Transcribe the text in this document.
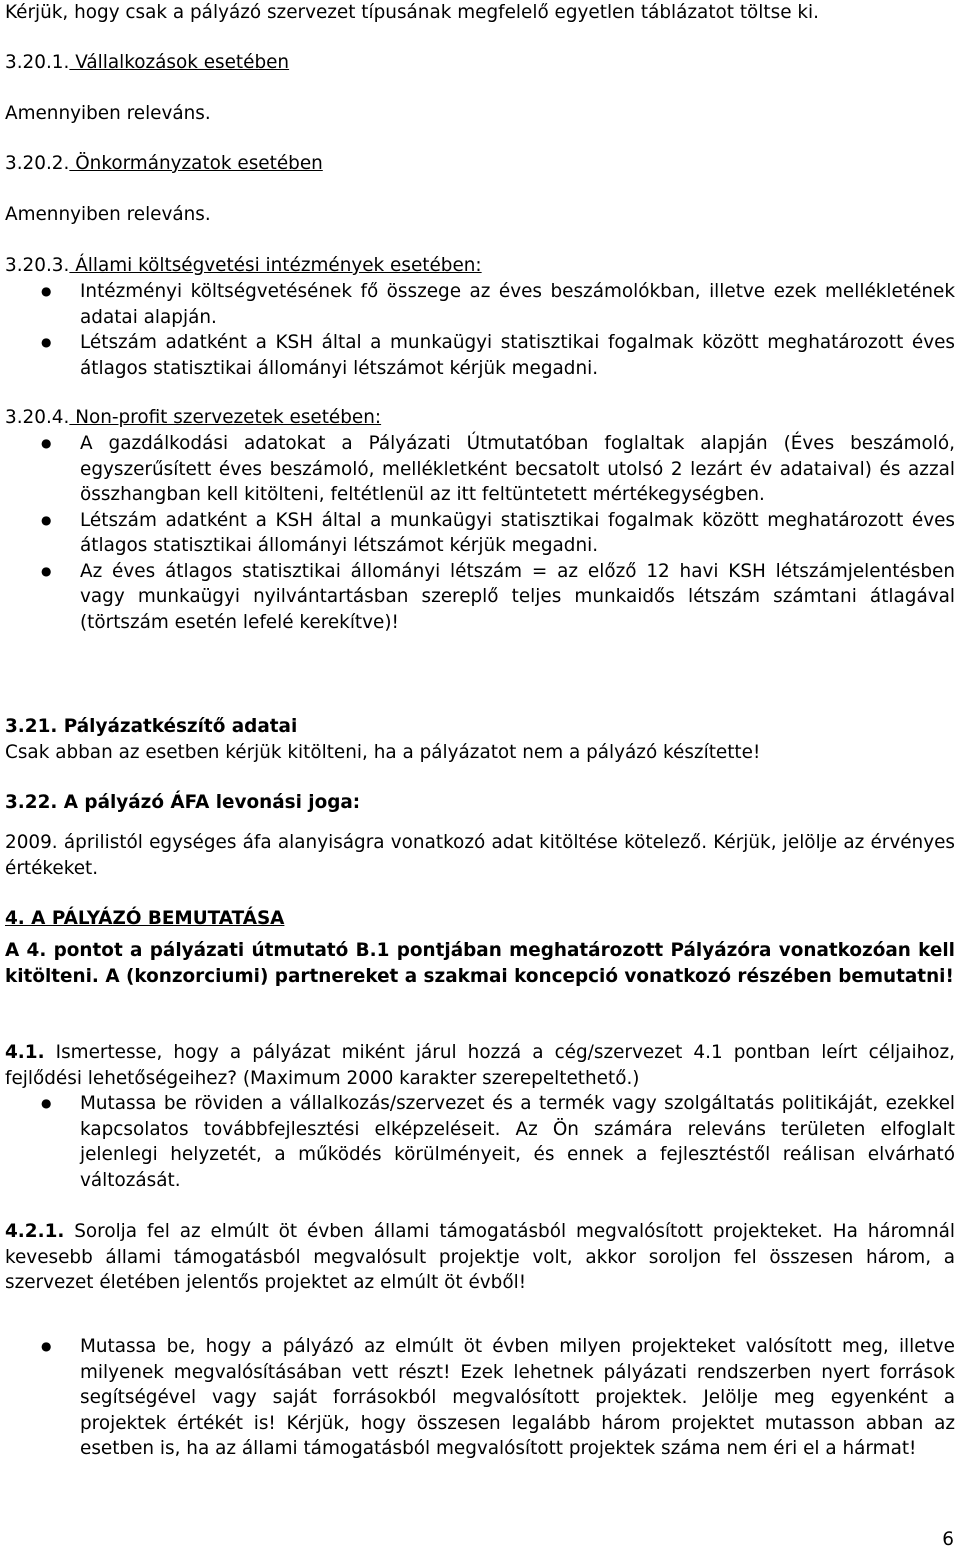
Kérjük, hogy csak a pályázó szervezet típusának megfelelő egyetlen táblázatot töltse ki.

3.20.1. Vállalkozások esetében

Amennyiben releváns.

3.20.2. Önkormányzatok esetében

Amennyiben releváns.

3.20.3. Állami költségvetési intézmények esetében:

● Intézményi költségvetésének fő összege az éves beszámolókban, illetve ezek mellékletének adatai alapján.
● Létszám adatként a KSH által a munkaügyi statisztikai fogalmak között meghatározott éves átlagos statisztikai állományi létszámot kérjük megadni.

3.20.4. Non-profit szervezetek esetében:

● A gazdálkodási adatokat a Pályázati Útmutatóban foglaltak alapján (Éves beszámoló, egyszerűsített éves beszámoló, mellékletként becsatolt utolsó 2 lezárt év adataival) és azzal összhangban kell kitölteni, feltétlenül az itt feltüntetett mértékegységben.
● Létszám adatként a KSH által a munkaügyi statisztikai fogalmak között meghatározott éves átlagos statisztikai állományi létszámot kérjük megadni.
● Az éves átlagos statisztikai állományi létszám = az előző 12 havi KSH létszámjelentésben vagy munkaügyi nyilvántartásban szereplő teljes munkaidős létszám számtani átlagával (törtszám esetén lefelé kerekítve)!

3.21. Pályázatkészítő adatai

Csak abban az esetben kérjük kitölteni, ha a pályázatot nem a pályázó készítette!

3.22. A pályázó ÁFA levonási joga:

2009. áprilistól egységes áfa alanyiságra vonatkozó adat kitöltése kötelező. Kérjük, jelölje az érvényes értékeket.

4. A PÁLYÁZÓ BEMUTATÁSA

A 4. pontot a pályázati útmutató B.1 pontjában meghatározott Pályázóra vonatkozóan kell kitölteni. A (konzorciumi) partnereket a szakmai koncepció vonatkozó részében bemutatni!

4.1. Ismertesse, hogy a pályázat miként járul hozzá a cég/szervezet 4.1 pontban leírt céljaihoz, fejlődési lehetőségeihez? (Maximum 2000 karakter szerepeltethető.)

● Mutassa be röviden a vállalkozás/szervezet és a termék vagy szolgáltatás politikáját, ezekkel kapcsolatos továbbfejlesztési elképzeléseit. Az Ön számára releváns területen elfoglalt jelenlegi helyzetét, a működés körülményeit, és ennek a fejlesztéstől reálisan elvárható változását.

4.2.1. Sorolja fel az elmúlt öt évben állami támogatásból megvalósított projekteket. Ha háromnál kevesebb állami támogatásból megvalósult projektje volt, akkor soroljon fel összesen három, a szervezet életében jelentős projektet az elmúlt öt évből!

● Mutassa be, hogy a pályázó az elmúlt öt évben milyen projekteket valósított meg, illetve milyenek megvalósításában vett részt! Ezek lehetnek pályázati rendszerben nyert források segítségével vagy saját forrásokból megvalósított projektek. Jelölje meg egyenként a projektek értékét is! Kérjük, hogy összesen legalább három projektet mutasson abban az esetben is, ha az állami támogatásból megvalósított projektek száma nem éri el a hármat!
6
